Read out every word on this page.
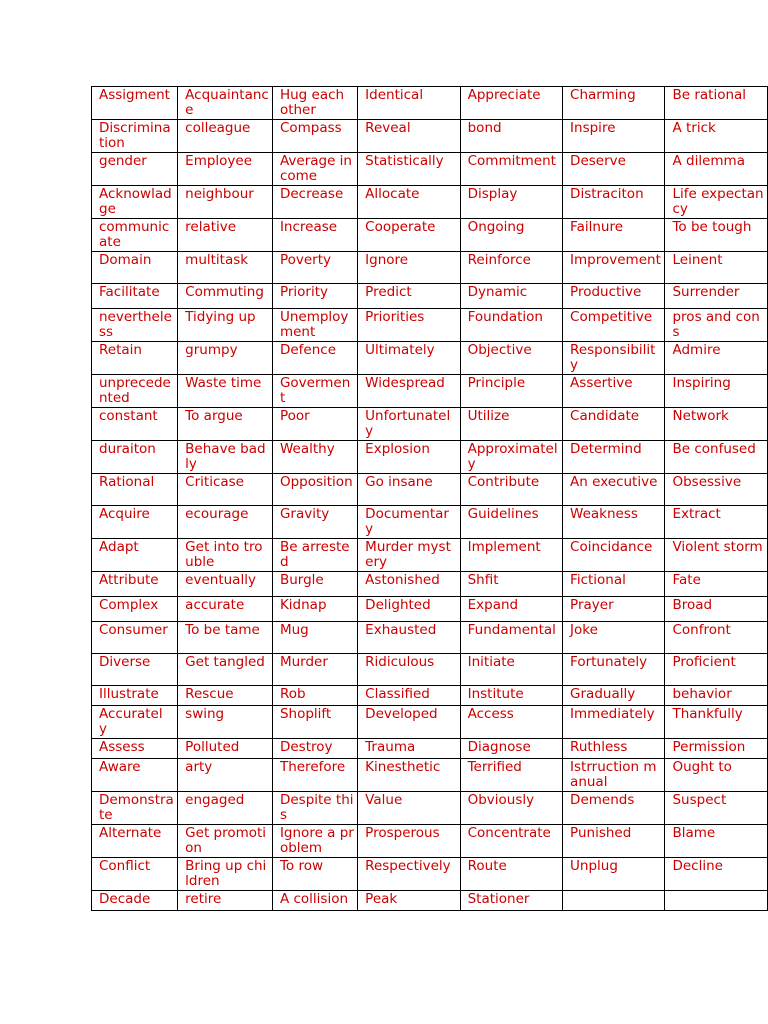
Assigment	Acquaintance	Hug each other	Identical	Appreciate	Charming	Be rational
Discrimination	colleague	Compass	Reveal	bond	Inspire	A trick
gender	Employee	Average income	Statistically	Commitment	Deserve	A dilemma
Acknowladge	neighbour	Decrease	Allocate	Display	Distraciton	Life expectancy
communicate	relative	Increase	Cooperate	Ongoing	Failnure	To be tough
Domain	multitask	Poverty	Ignore	Reinforce	Improvement	Leinent
Facilitate	Commuting	Priority	Predict	Dynamic	Productive	Surrender
nevertheless	Tidying up	Unemployment	Priorities	Foundation	Competitive	pros and cons
Retain	grumpy	Defence	Ultimately	Objective	Responsibility	Admire
unprecedented	Waste time	Govermen t	Widespread	Principle	Assertive	Inspiring
constant	To argue	Poor	Unfortunately	Utilize	Candidate	Network
duraiton	Behave badly	Wealthy	Explosion	Approximately	Determind	Be confused
Rational	Criticase	Opposition	Go insane	Contribute	An executive	Obsessive
Acquire	ecourage	Gravity	Documentary	Guidelines	Weakness	Extract
Adapt	Get into trouble	Be arrested	Murder mystery	Implement	Coincidance	Violent storm
Attribute	eventually	Burgle	Astonished	Shfit	Fictional	Fate
Complex	accurate	Kidnap	Delighted	Expand	Prayer	Broad
Consumer	To be tame	Mug	Exhausted	Fundamental	Joke	Confront
Diverse	Get tangled	Murder	Ridiculous	Initiate	Fortunately	Proficient
Illustrate	Rescue	Rob	Classified	Institute	Gradually	behavior
Accuratel y	swing	Shoplift	Developed	Access	Immediately	Thankfully
Assess	Polluted	Destroy	Trauma	Diagnose	Ruthless	Permission
Aware	arty	Therefore	Kinesthetic	Terrified	Istrruction manual	Ought to
Demonstrate	engaged	Despite this	Value	Obviously	Demends	Suspect
Alternate	Get promotion	Ignore a problem	Prosperous	Concentrate	Punished	Blame
Conflict	Bring up children	To row	Respectively	Route	Unplug	Decline
Decade	retire	A collision	Peak	Stationer		
